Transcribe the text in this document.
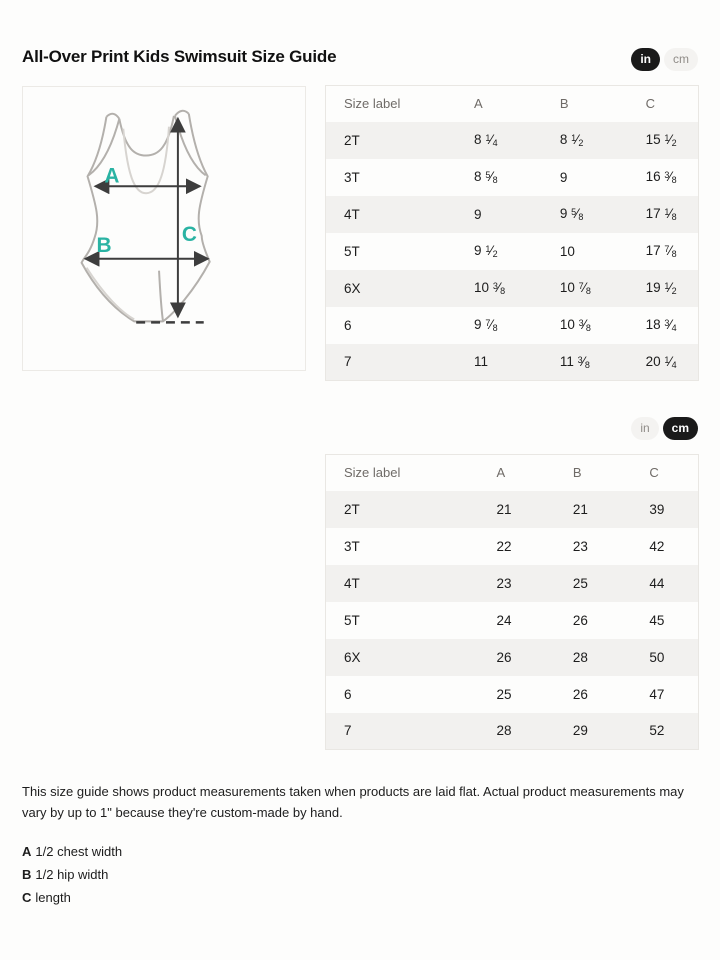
All-Over Print Kids Swimsuit Size Guide	in	cm
A
B	C
Size label	A	B	C
2T	8 $^1⁄_4$	8 $^1⁄_2$	15 $^1⁄_2$
3T	8 $^5⁄_8$	9	16 $^3⁄_8$
4T	9	9 $^5⁄_8$	17 $^1⁄_8$
5T	9 $^1⁄_2$	10	17 $^7⁄_8$
6X	10 $^3⁄_8$	10 $^7⁄_8$	19 $^1⁄_2$
6	9 $^7⁄_8$	10 $^3⁄_8$	18 $^3⁄_4$
7	11	11 $^3⁄_8$	20 $^1⁄_4$
in	cm
Size label	A	B	C
2T	21	21	39
3T	22	23	42
4T	23	25	44
5T	24	26	45
6X	26	28	50
6	25	26	47
7	28	29	52

This size guide shows product measurements taken when products are laid flat. Actual product measurements may vary by up to 1" because they're custom-made by hand.

A 1/2 chest width
B 1/2 hip width
C length
